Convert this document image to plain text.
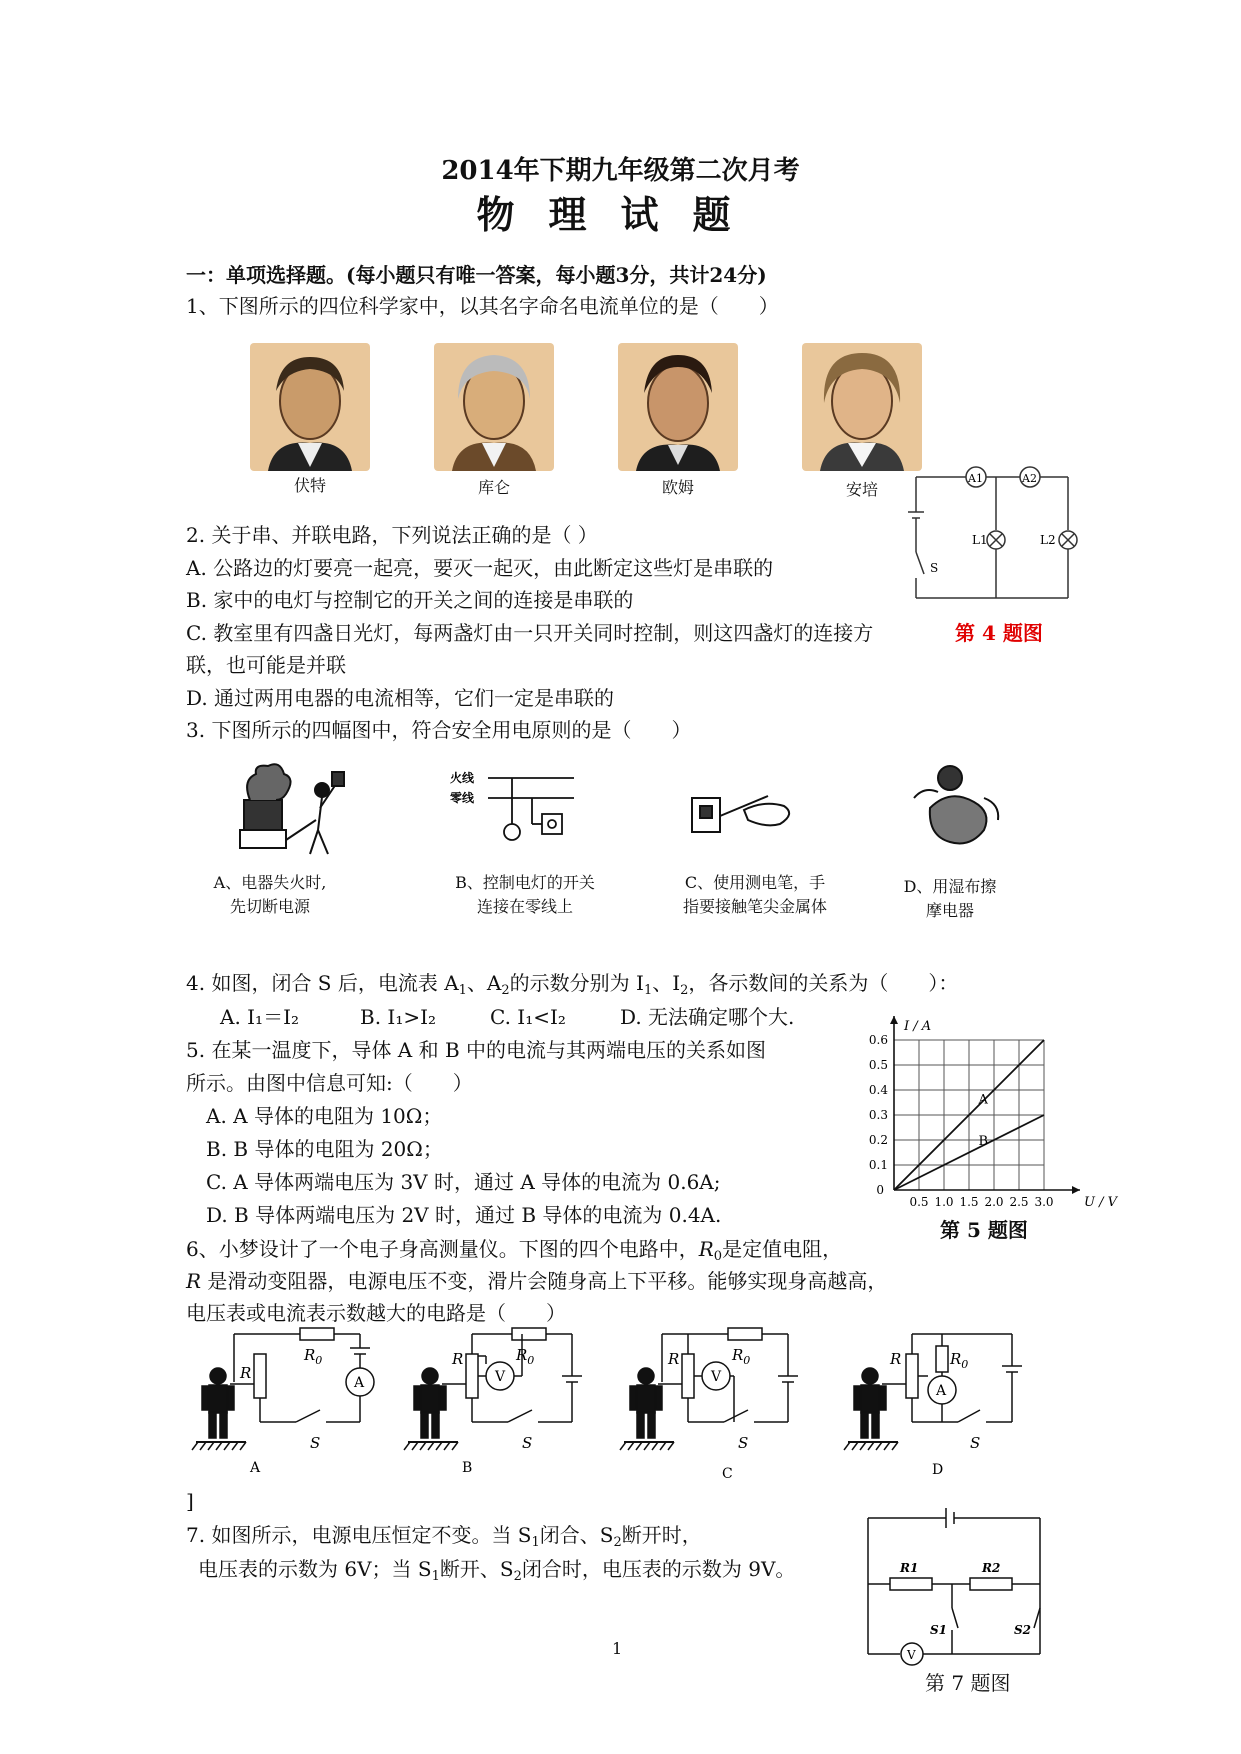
2014年下期九年级第二次月考
物理试题
一：单项选择题。(每小题只有唯一答案，每小题3分，共计24分)
1、下图所示的四位科学家中，以其名字命名电流单位的是（　　）
伏特	库仑	欧姆	安培
A1	A2
L1	L2
S
第 4 题图
2. 关于串、并联电路，下列说法正确的是（ ）
A. 公路边的灯要亮一起亮，要灭一起灭，由此断定这些灯是串联的
B. 家中的电灯与控制它的开关之间的连接是串联的
C. 教室里有四盏日光灯，每两盏灯由一只开关同时控制，则这四盏灯的连接方
联，也可能是并联
D. 通过两用电器的电流相等，它们一定是串联的
3. 下图所示的四幅图中，符合安全用电原则的是（　　）
A、电器失火时,
先切断电源
火线
零线
B、控制电灯的开关
连接在零线上
C、使用测电笔，手
指要接触笔尖金属体
D、用湿布擦
摩电器
4. 如图，闭合 S 后，电流表 $A_1$、$A_2$的示数分别为 $I_1$、$I_2$，各示数间的关系为（　　）：
A. I₁＝I₂	B. I₁>I₂	C. I₁<I₂	D. 无法确定哪个大.
5. 在某一温度下，导体 A 和 B 中的电流与其两端电压的关系如图
所示。由图中信息可知:（　　）
A. A 导体的电阻为 10Ω；
B. B 导体的电阻为 20Ω；
C. A 导体两端电压为 3V 时，通过 A 导体的电流为 0.6A;
D. B 导体两端电压为 2V 时，通过 B 导体的电流为 0.4A.
0.5 1.0 1.5 2.0 2.5 3.0
0.1
0.2
0.3
0.4
0.5
0.6
0
U / V
I / A
A
B
第 5 题图
6、小梦设计了一个电子身高测量仪。下图的四个电路中，$R_0$是定值电阻，
R 是滑动变阻器，电源电压不变，滑片会随身高上下平移。能够实现身高越高，
电压表或电流表示数越大的电路是（　　）
R
$R_0$
A
S
A
R	$R_0$
V
S
B
R	$R_0$
V
S
C
R	$R_0$
A
S
D
]
7. 如图所示，电源电压恒定不变。当 $S_1$闭合、$S_2$断开时，
电压表的示数为 6V；当 $S_1$断开、$S_2$闭合时，电压表的示数为 9V。	R1	R2
S1	S2
V
第 7 题图
1
